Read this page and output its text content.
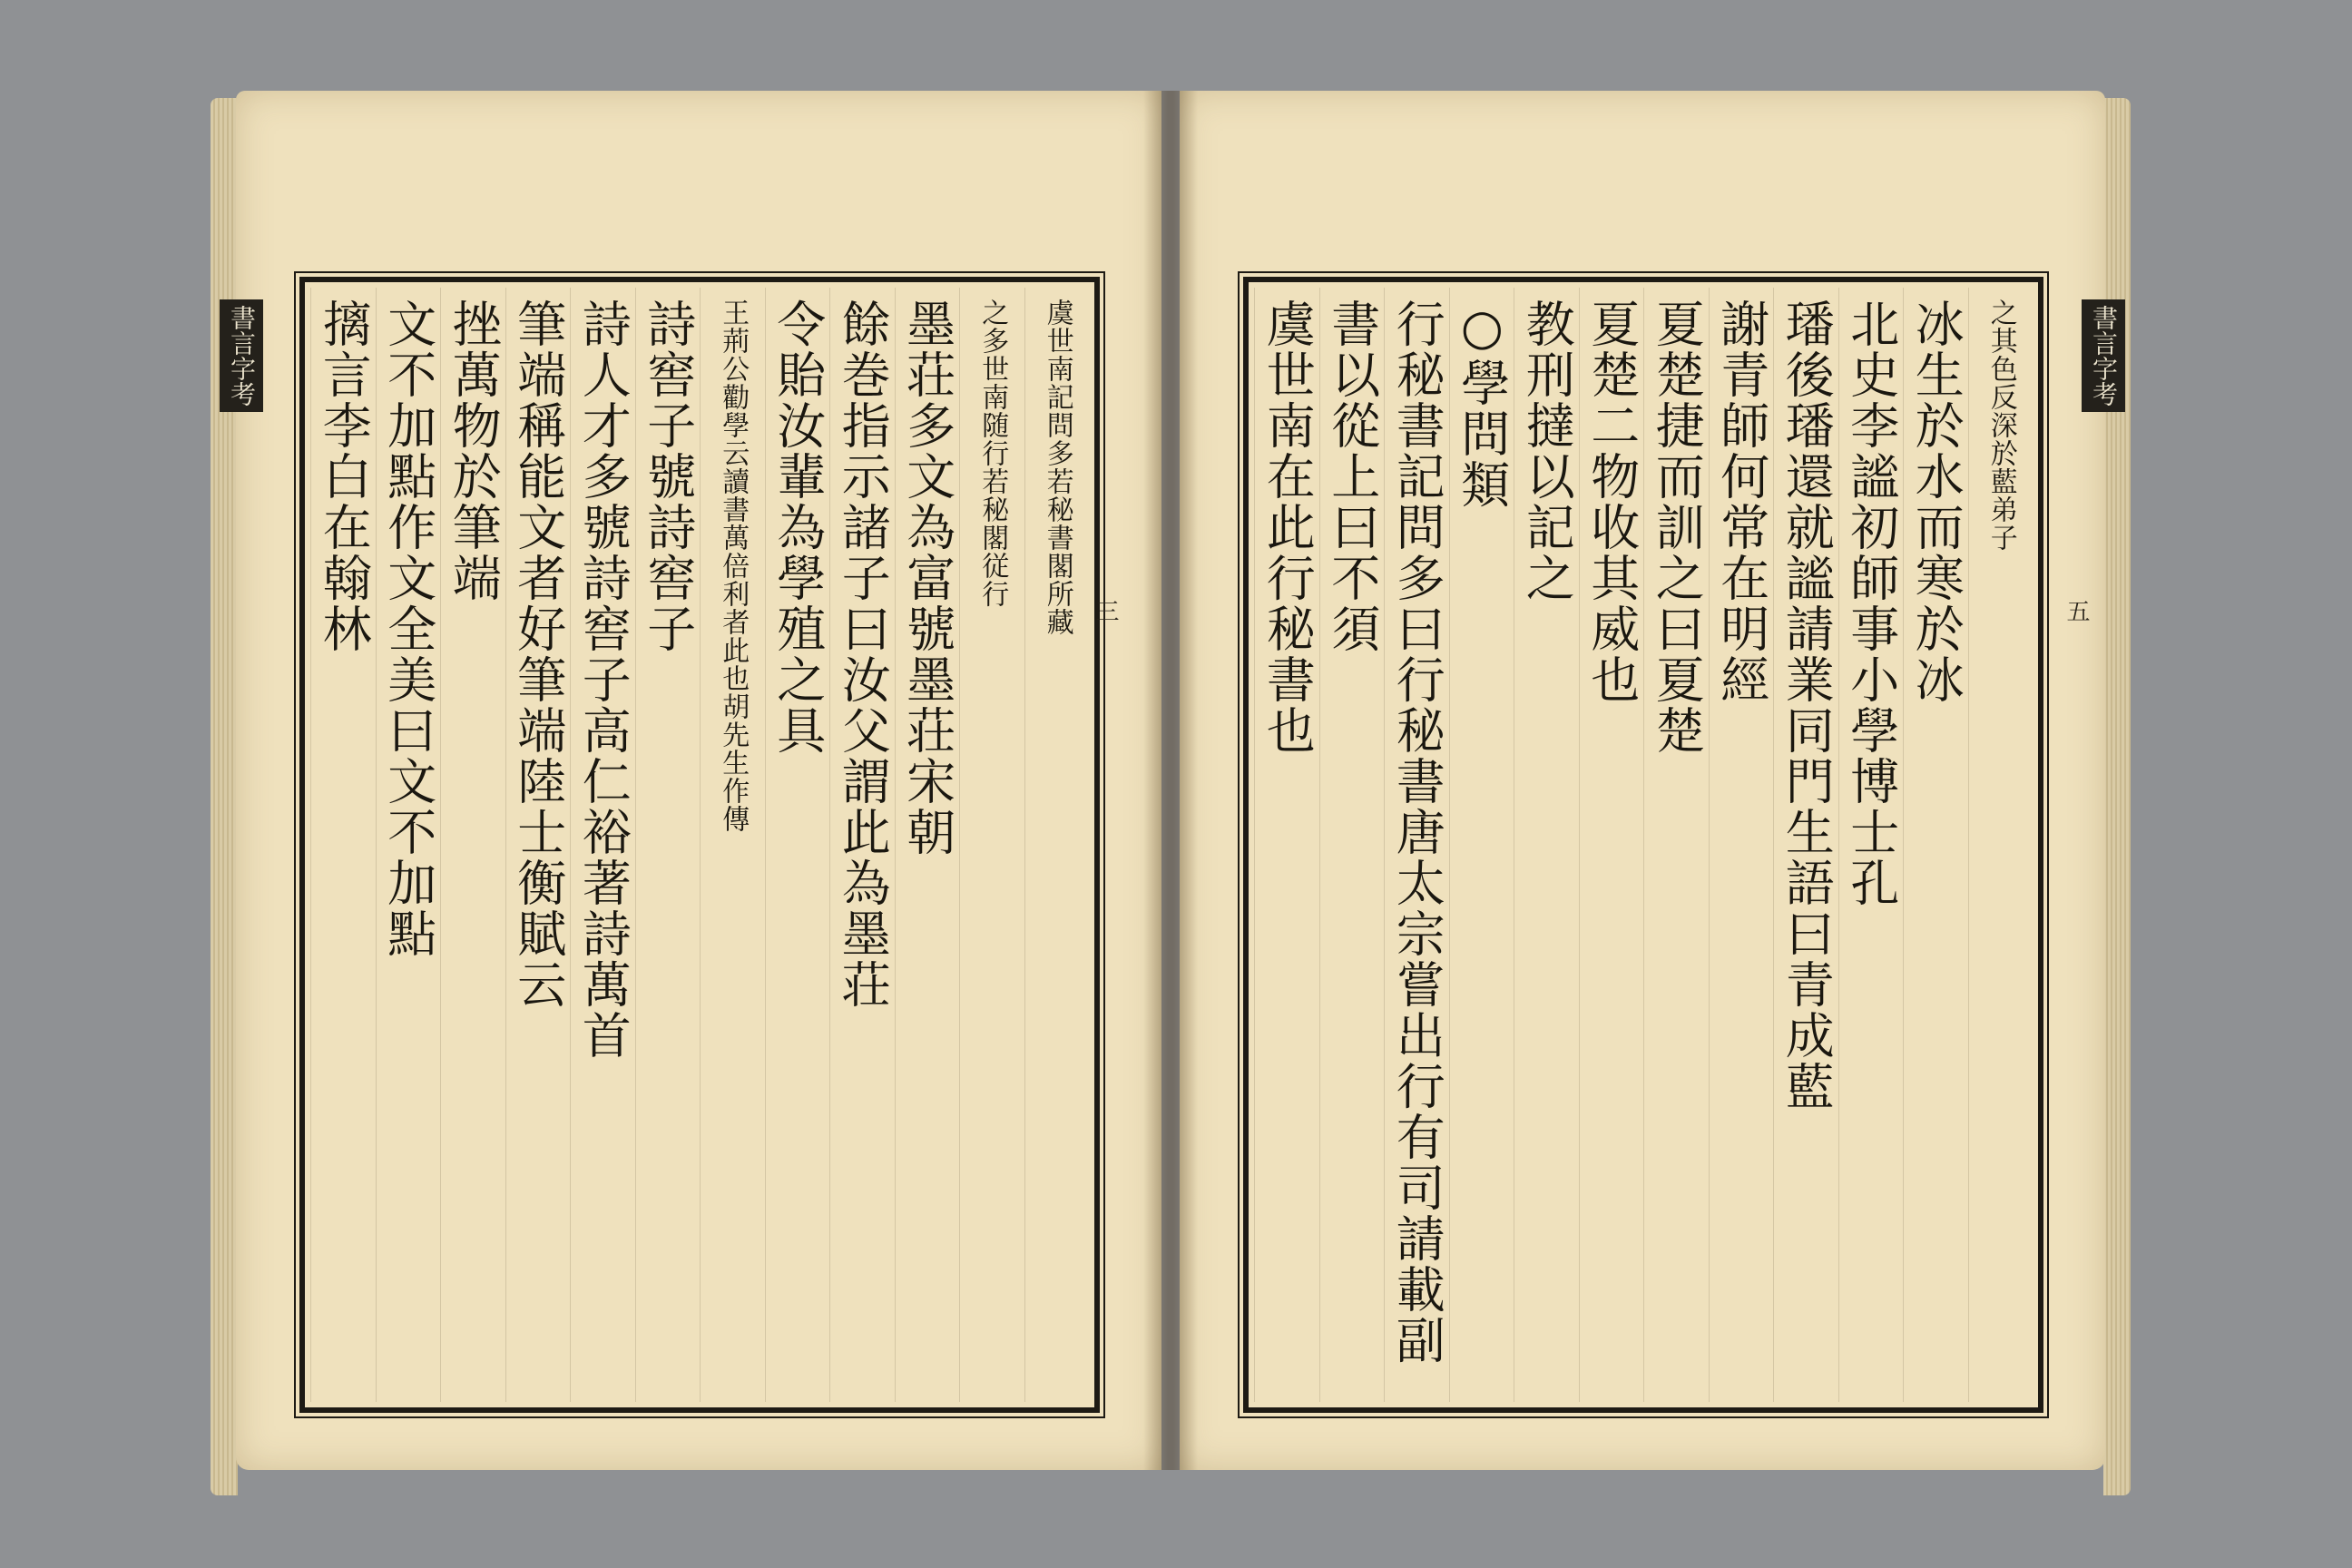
虞世南記問多若秘書閣所藏
之多世南随行若秘閣従行
墨荘多文為富號墨荘宋朝
餘巻指示諸子曰汝父謂此為墨荘
令貽汝輩為學殖之具
王荊公勸學云讀書萬倍利者此也胡先生作傳
詩窖子號詩窖子
詩人才多號詩窖子高仁裕著詩萬首
筆端稱能文者好筆端陸士衡賦云
挫萬物於筆端
文不加點作文全美曰文不加點
摛言李白在翰林	三
之其色反深於藍弟子
冰生於水而寒於冰
北史李謐初師事小學博士孔
璠後璠還就謐請業同門生語曰青成藍
謝青師何常在明經
夏楚捷而訓之曰夏楚
夏楚二物收其威也
教刑撻以記之
○學問類
行秘書記問多曰行秘書唐太宗嘗出行有司請載副
書以從上曰不須
虞世南在此行秘書也	五
書言字考	書言字考
